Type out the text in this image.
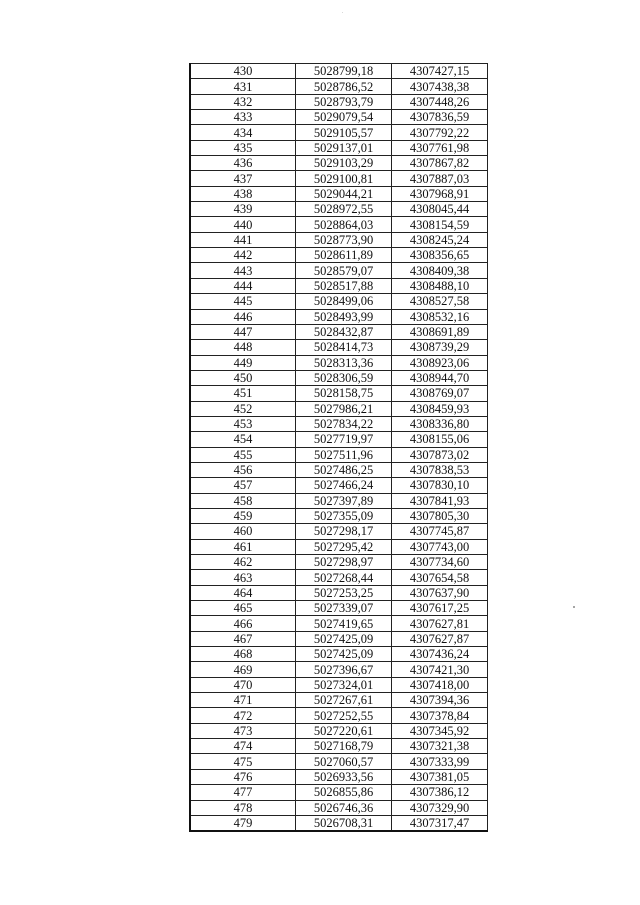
430	5028799,18	4307427,15
431	5028786,52	4307438,38
432	5028793,79	4307448,26
433	5029079,54	4307836,59
434	5029105,57	4307792,22
435	5029137,01	4307761,98
436	5029103,29	4307867,82
437	5029100,81	4307887,03
438	5029044,21	4307968,91
439	5028972,55	4308045,44
440	5028864,03	4308154,59
441	5028773,90	4308245,24
442	5028611,89	4308356,65
443	5028579,07	4308409,38
444	5028517,88	4308488,10
445	5028499,06	4308527,58
446	5028493,99	4308532,16
447	5028432,87	4308691,89
448	5028414,73	4308739,29
449	5028313,36	4308923,06
450	5028306,59	4308944,70
451	5028158,75	4308769,07
452	5027986,21	4308459,93
453	5027834,22	4308336,80
454	5027719,97	4308155,06
455	5027511,96	4307873,02
456	5027486,25	4307838,53
457	5027466,24	4307830,10
458	5027397,89	4307841,93
459	5027355,09	4307805,30
460	5027298,17	4307745,87
461	5027295,42	4307743,00
462	5027298,97	4307734,60
463	5027268,44	4307654,58
464	5027253,25	4307637,90
465	5027339,07	4307617,25
466	5027419,65	4307627,81
467	5027425,09	4307627,87
468	5027425,09	4307436,24
469	5027396,67	4307421,30
470	5027324,01	4307418,00
471	5027267,61	4307394,36
472	5027252,55	4307378,84
473	5027220,61	4307345,92
474	5027168,79	4307321,38
475	5027060,57	4307333,99
476	5026933,56	4307381,05
477	5026855,86	4307386,12
478	5026746,36	4307329,90
479	5026708,31	4307317,47
